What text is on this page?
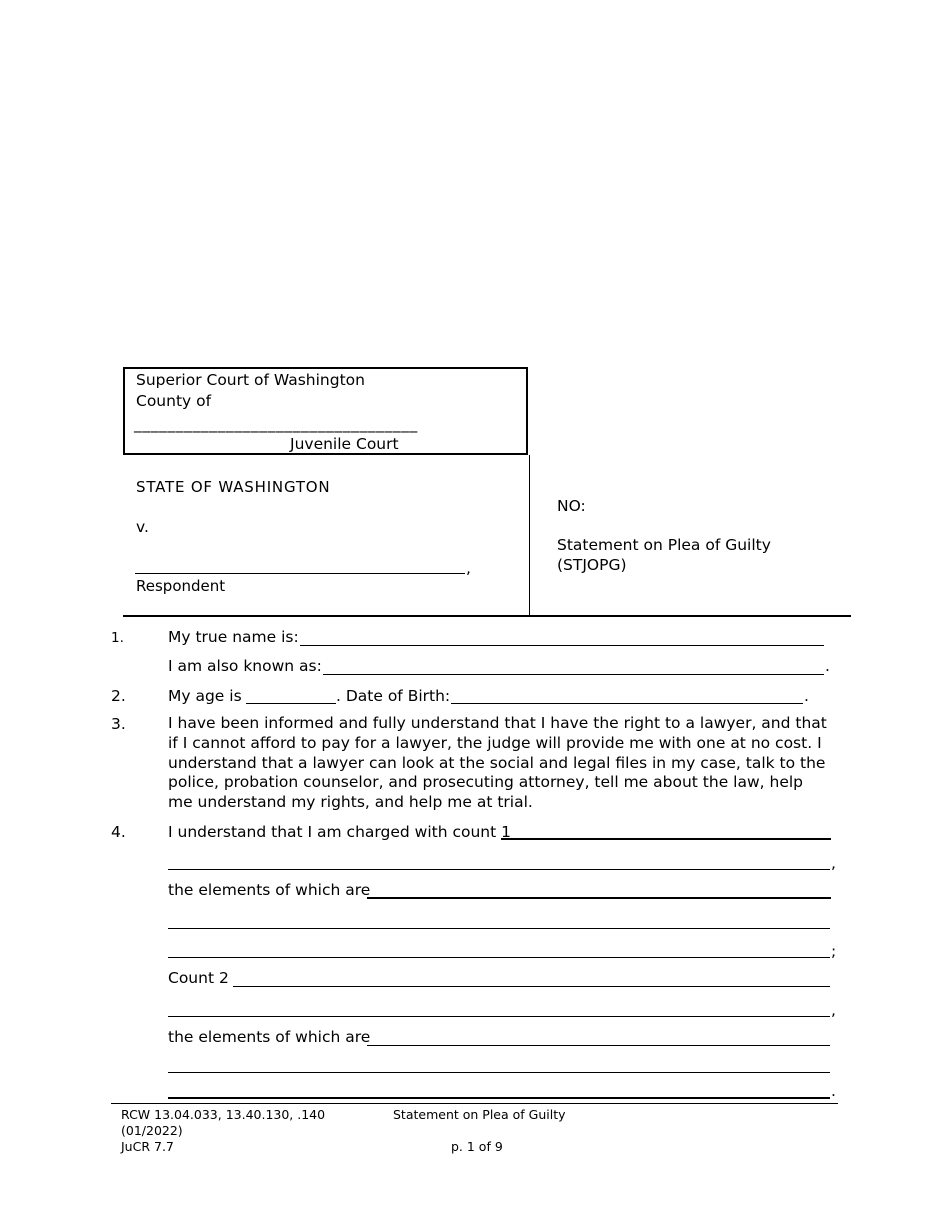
Superior Court of Washington
County of
__________________________________
Juvenile Court
STATE OF WASHINGTON
v.
,
Respondent
NO:
Statement on Plea of Guilty
(STJOPG)
1.	My true name is:
I am also known as:	.
2.	My age is	. Date of Birth:	.
3.	I have been informed and fully understand that I have the right to a lawyer, and that if I cannot afford to pay for a lawyer, the judge will provide me with one at no cost. I understand that a lawyer can look at the social and legal files in my case, talk to the police, probation counselor, and prosecuting attorney, tell me about the law, help me understand my rights, and help me at trial.
4.	I understand that I am charged with count 1
,
the elements of which are
;
Count 2
,
the elements of which are
.
RCW 13.04.033, 13.40.130, .140
(01/2022)
JuCR 7.7
Statement on Plea of Guilty
p. 1 of 9
